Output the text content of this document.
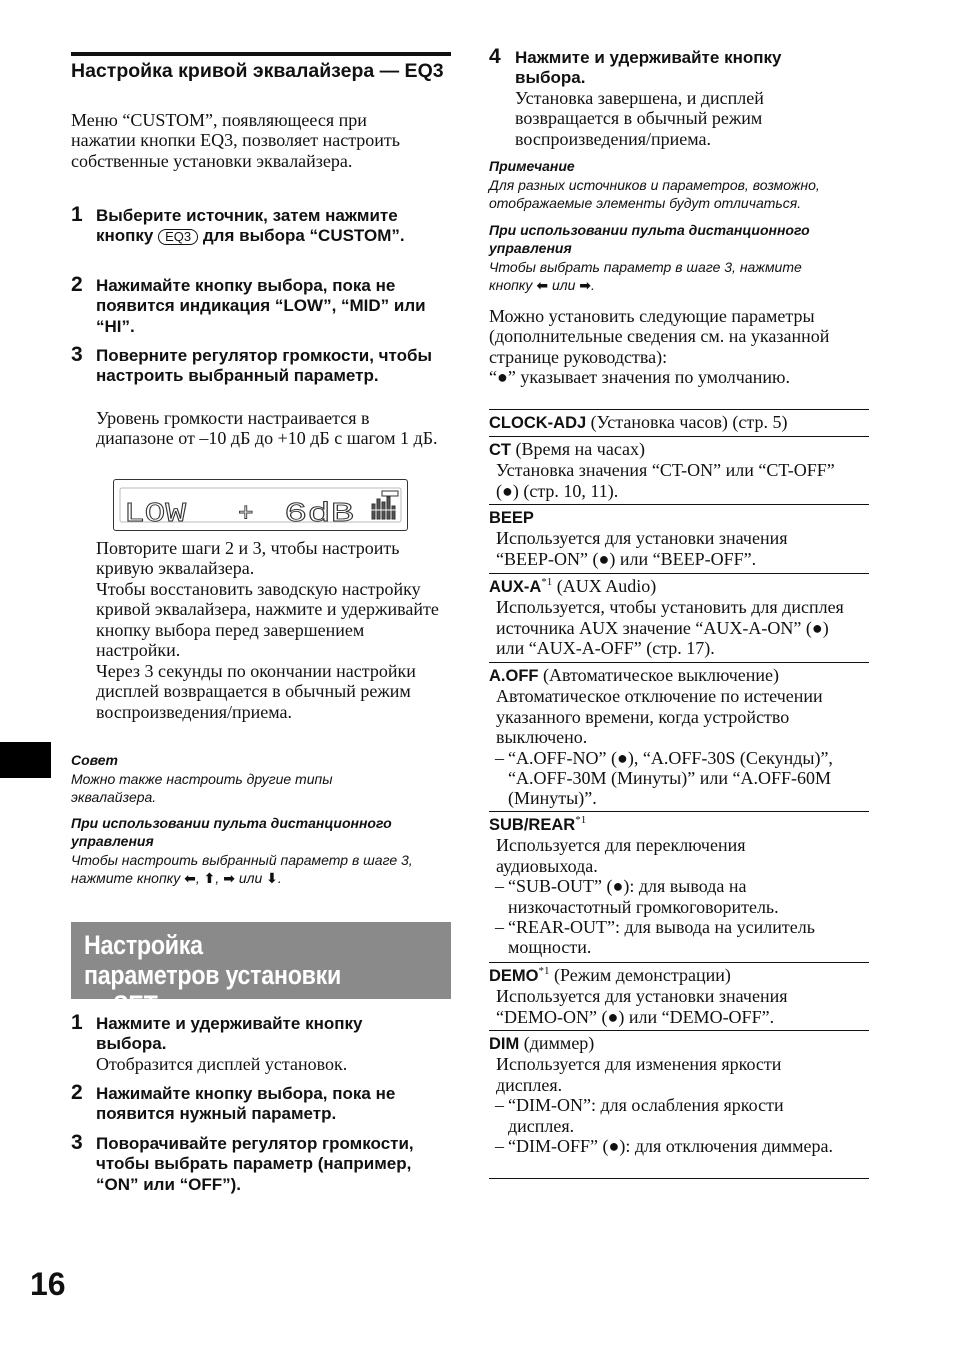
Настройка кривой эквалайзера — EQ3
Меню “CUSTOM”, появляющееся при нажатии кнопки EQ3, позволяет настроить собственные установки эквалайзера.
1 Выберите источник, затем нажмите кнопку EQ3 для выбора “CUSTOM”.
2 Нажимайте кнопку выбора, пока не появится индикация “LOW”, “MID” или “HI”.
3 Поверните регулятор громкости, чтобы настроить выбранный параметр.
Уровень громкости настраивается в диапазоне от –10 дБ до +10 дБ с шагом 1 дБ.
LOW + 6dB
Повторите шаги 2 и 3, чтобы настроить кривую эквалайзера.
Чтобы восстановить заводскую настройку кривой эквалайзера, нажмите и удерживайте кнопку выбора перед завершением настройки.
Через 3 секунды по окончании настройки дисплей возвращается в обычный режим воспроизведения/приема.
Совет
Можно также настроить другие типы эквалайзера.
При использовании пульта дистанционного управления
Чтобы настроить выбранный параметр в шаге 3, нажмите кнопку ⬅, ⬆, ➡ или ⬇.
Настройка параметров установки — SET
1 Нажмите и удерживайте кнопку выбора.
Отобразится дисплей установок.
2 Нажимайте кнопку выбора, пока не появится нужный параметр.
3 Поворачивайте регулятор громкости, чтобы выбрать параметр (например, “ON” или “OFF”).
16
4 Нажмите и удерживайте кнопку выбора.
Установка завершена, и дисплей возвращается в обычный режим воспроизведения/приема.
Примечание
Для разных источников и параметров, возможно, отображаемые элементы будут отличаться.
При использовании пульта дистанционного управления
Чтобы выбрать параметр в шаге 3, нажмите кнопку ⬅ или ➡.
Можно установить следующие параметры (дополнительные сведения см. на указанной странице руководства):
“●” указывает значения по умолчанию.
CLOCK-ADJ (Установка часов) (стр. 5)
CT (Время на часах)
Установка значения “CT-ON” или “CT-OFF” (●) (стр. 10, 11).
BEEP
Используется для установки значения “BEEP-ON” (●) или “BEEP-OFF”.
AUX-$A^{*1}$ (AUX Audio)
Используется, чтобы установить для дисплея источника AUX значение “AUX-A-ON” (●) или “AUX-A-OFF” (стр. 17).
A.OFF (Автоматическое выключение)
Автоматическое отключение по истечении указанного времени, когда устройство выключено.
– “A.OFF-NO” (●), “A.OFF-30S (Секунды)”, “A.OFF-30M (Минуты)” или “A.OFF-60M (Минуты)”.
SUB/REAR$^{*1}$
Используется для переключения аудиовыхода.
– “SUB-OUT” (●): для вывода на низкочастотный громкоговоритель.
– “REAR-OUT”: для вывода на усилитель мощности.
DEMO$^{*1}$ (Режим демонстрации)
Используется для установки значения “DEMO-ON” (●) или “DEMO-OFF”.
DIM (диммер)
Используется для изменения яркости дисплея.
– “DIM-ON”: для ослабления яркости дисплея.
– “DIM-OFF” (●): для отключения диммера.
